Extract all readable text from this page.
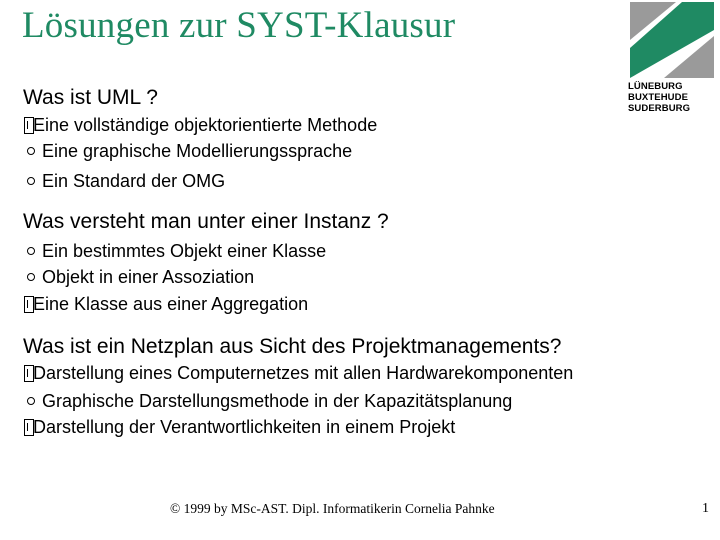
Lösungen zur SYST-Klausur
LÜNEBURG
BUXTEHUDE
SUDERBURG
Was ist UML ?
Eine vollständige objektorientierte Methode
Eine graphische Modellierungssprache
Ein Standard der OMG
Was versteht man unter einer Instanz ?
Ein bestimmtes Objekt einer Klasse
Objekt in einer Assoziation
Eine Klasse aus einer Aggregation
Was ist ein Netzplan aus Sicht des Projektmanagements?
Darstellung eines Computernetzes mit allen Hardwarekomponenten
Graphische Darstellungsmethode in der Kapazitätsplanung
Darstellung der Verantwortlichkeiten in einem Projekt
© 1999 by MSc-AST. Dipl. Informatikerin Cornelia Pahnke	1
